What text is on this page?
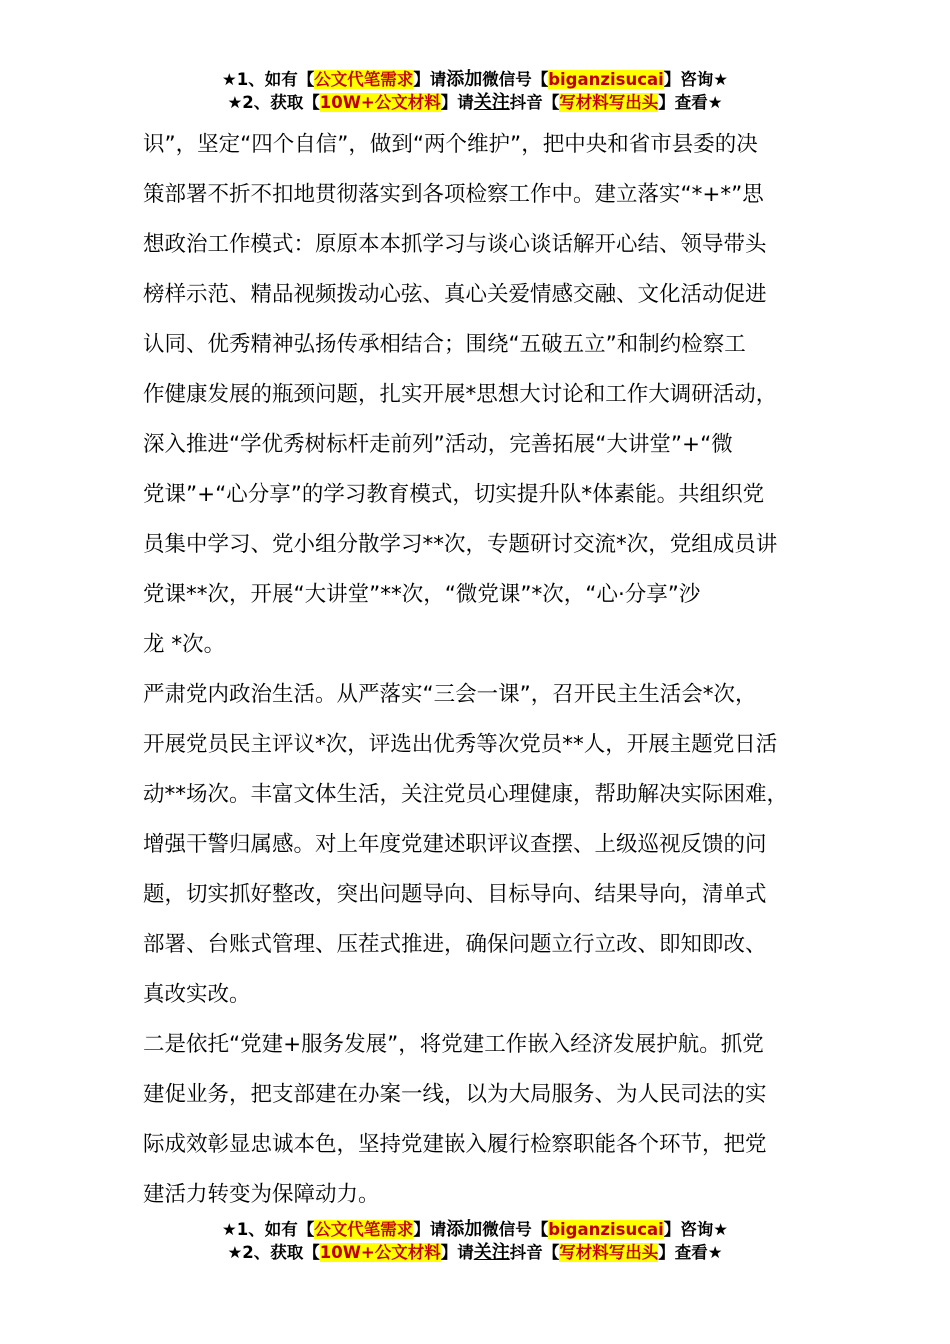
★1、如有【公文代笔需求】请添加微信号【biganzisucai】咨询★
★2、获取【10W+公文材料】请关注抖音【写材料写出头】查看★

识”，坚定“四个自信”，做到“两个维护”，把中央和省市县委的决

策部署不折不扣地贯彻落实到各项检察工作中。建立落实“*+*”思

想政治工作模式：原原本本抓学习与谈心谈话解开心结、领导带头

榜样示范、精品视频拨动心弦、真心关爱情感交融、文化活动促进

认同、优秀精神弘扬传承相结合；围绕“五破五立”和制约检察工

作健康发展的瓶颈问题，扎实开展*思想大讨论和工作大调研活动，

深入推进“学优秀树标杆走前列”活动，完善拓展“大讲堂”+“微

党课”+“心分享”的学习教育模式，切实提升队*体素能。共组织党

员集中学习、党小组分散学习**次，专题研讨交流*次，党组成员讲

党课**次，开展“大讲堂”**次，“微党课”*次，“心·分享”沙

龙 *次。

严肃党内政治生活。从严落实“三会一课”，召开民主生活会*次，

开展党员民主评议*次，评选出优秀等次党员**人，开展主题党日活

动**场次。丰富文体生活，关注党员心理健康，帮助解决实际困难，

增强干警归属感。对上年度党建述职评议查摆、上级巡视反馈的问

题，切实抓好整改，突出问题导向、目标导向、结果导向，清单式

部署、台账式管理、压茬式推进，确保问题立行立改、即知即改、

真改实改。

二是依托“党建+服务发展”，将党建工作嵌入经济发展护航。抓党

建促业务，把支部建在办案一线，以为大局服务、为人民司法的实

际成效彰显忠诚本色，坚持党建嵌入履行检察职能各个环节，把党

建活力转变为保障动力。

★1、如有【公文代笔需求】请添加微信号【biganzisucai】咨询★
★2、获取【10W+公文材料】请关注抖音【写材料写出头】查看★
